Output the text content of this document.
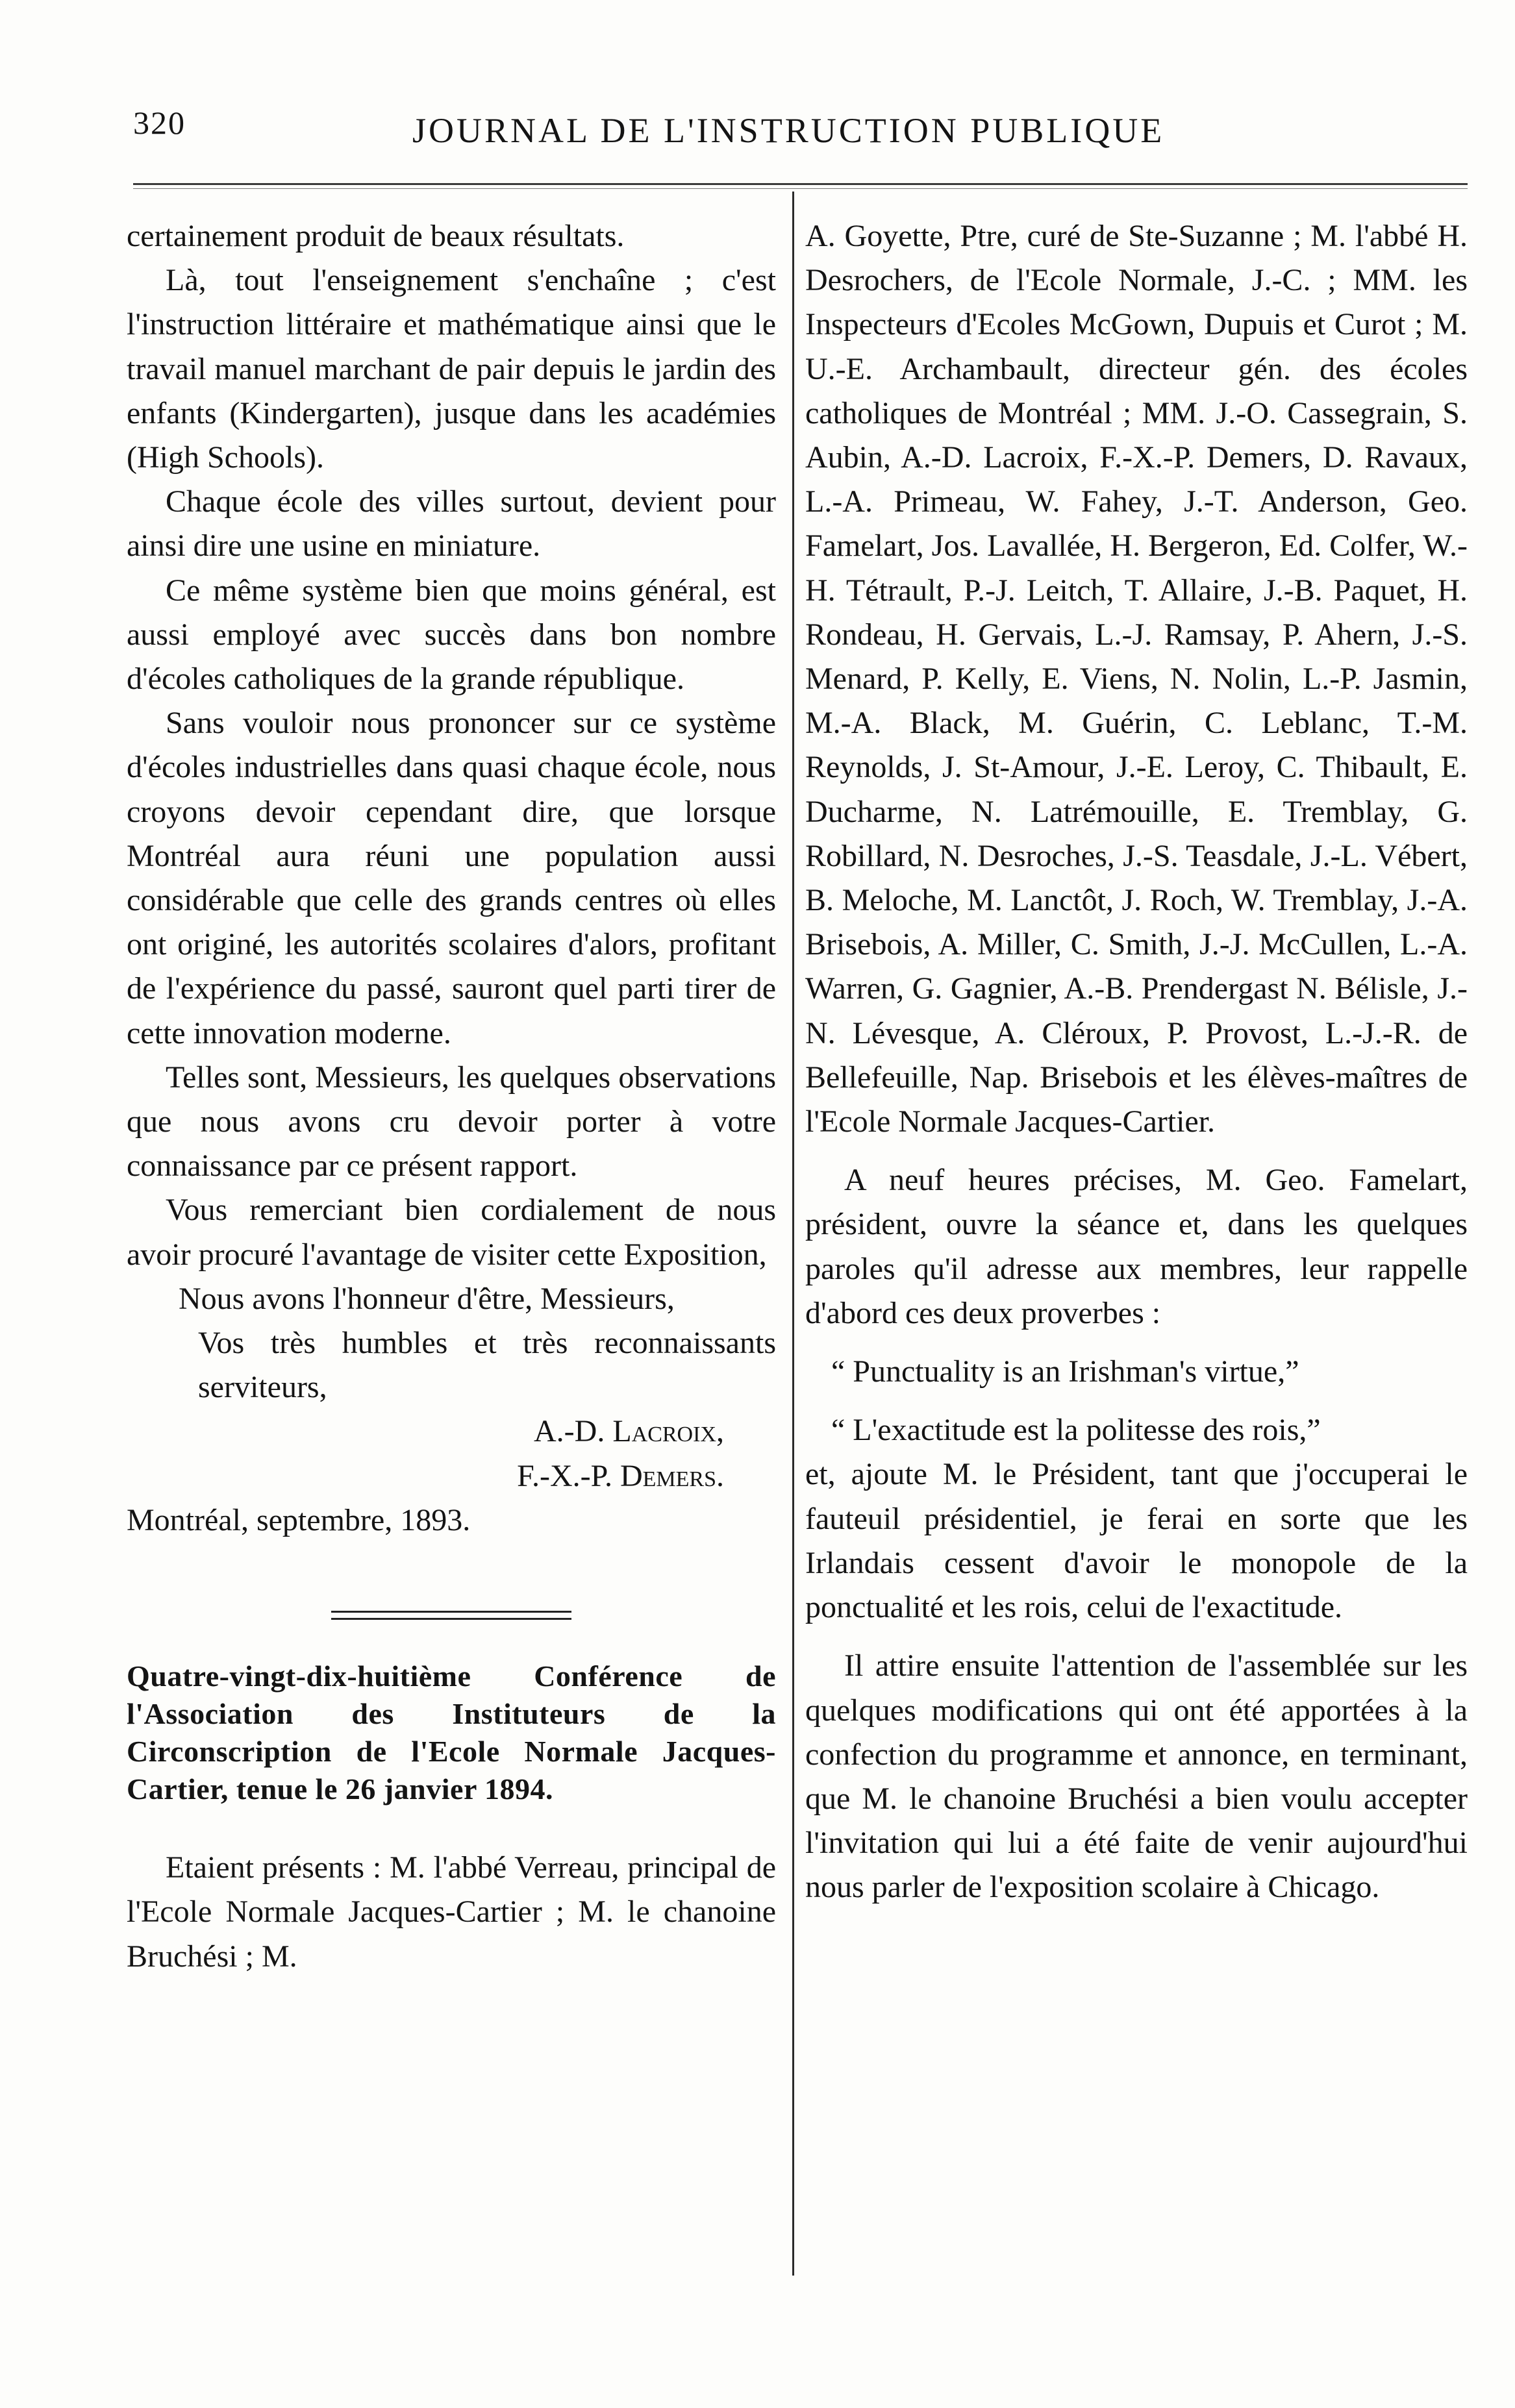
320	JOURNAL DE L'INSTRUCTION PUBLIQUE

certainement produit de beaux résultats.

Là, tout l'enseignement s'enchaîne ; c'est l'instruction littéraire et mathématique ainsi que le travail manuel marchant de pair depuis le jardin des enfants (Kindergarten), jusque dans les académies (High Schools).

Chaque école des villes surtout, devient pour ainsi dire une usine en miniature.

Ce même système bien que moins général, est aussi employé avec succès dans bon nombre d'écoles catholiques de la grande république.

Sans vouloir nous prononcer sur ce système d'écoles industrielles dans quasi chaque école, nous croyons devoir cependant dire, que lorsque Montréal aura réuni une population aussi considérable que celle des grands centres où elles ont originé, les autorités scolaires d'alors, profitant de l'expérience du passé, sauront quel parti tirer de cette innovation moderne.

Telles sont, Messieurs, les quelques observations que nous avons cru devoir porter à votre connaissance par ce présent rapport.

Vous remerciant bien cordialement de nous avoir procuré l'avantage de visiter cette Exposition,

Nous avons l'honneur d'être, Messieurs,

Vos très humbles et très reconnaissants serviteurs,

A.-D. Lacroix,

F.-X.-P. Demers.

Montréal, septembre, 1893.

Quatre-vingt-dix-huitième Conférence de l'Association des Instituteurs de la Circonscription de l'Ecole Normale Jacques-Cartier, tenue le 26 janvier 1894.

Etaient présents : M. l'abbé Verreau, principal de l'Ecole Normale Jacques-Cartier ; M. le chanoine Bruchési ; M.

A. Goyette, Ptre, curé de Ste-Suzanne ; M. l'abbé H. Desrochers, de l'Ecole Normale, J.-C. ; MM. les Inspecteurs d'Ecoles McGown, Dupuis et Curot ; M. U.-E. Archambault, directeur gén. des écoles catholiques de Montréal ; MM. J.-O. Cassegrain, S. Aubin, A.-D. Lacroix, F.-X.-P. Demers, D. Ravaux, L.-A. Primeau, W. Fahey, J.-T. Anderson, Geo. Famelart, Jos. Lavallée, H. Bergeron, Ed. Colfer, W.-H. Tétrault, P.-J. Leitch, T. Allaire, J.-B. Paquet, H. Rondeau, H. Gervais, L.-J. Ramsay, P. Ahern, J.-S. Menard, P. Kelly, E. Viens, N. Nolin, L.-P. Jasmin, M.-A. Black, M. Guérin, C. Leblanc, T.-M. Reynolds, J. St-Amour, J.-E. Leroy, C. Thibault, E. Ducharme, N. Latrémouille, E. Tremblay, G. Robillard, N. Desroches, J.-S. Teasdale, J.-L. Vébert, B. Meloche, M. Lanctôt, J. Roch, W. Tremblay, J.-A. Brisebois, A. Miller, C. Smith, J.-J. McCullen, L.-A. Warren, G. Gagnier, A.-B. Prendergast N. Bélisle, J.-N. Lévesque, A. Cléroux, P. Provost, L.-J.-R. de Bellefeuille, Nap. Brisebois et les élèves-maîtres de l'Ecole Normale Jacques-Cartier.

A neuf heures précises, M. Geo. Famelart, président, ouvre la séance et, dans les quelques paroles qu'il adresse aux membres, leur rappelle d'abord ces deux proverbes :

“ Punctuality is an Irishman's virtue,”

“ L'exactitude est la politesse des rois,”

et, ajoute M. le Président, tant que j'occuperai le fauteuil présidentiel, je ferai en sorte que les Irlandais cessent d'avoir le monopole de la ponctualité et les rois, celui de l'exactitude.

Il attire ensuite l'attention de l'assemblée sur les quelques modifications qui ont été apportées à la confection du programme et annonce, en terminant, que M. le chanoine Bruchési a bien voulu accepter l'invitation qui lui a été faite de venir aujourd'hui nous parler de l'exposition scolaire à Chicago.
